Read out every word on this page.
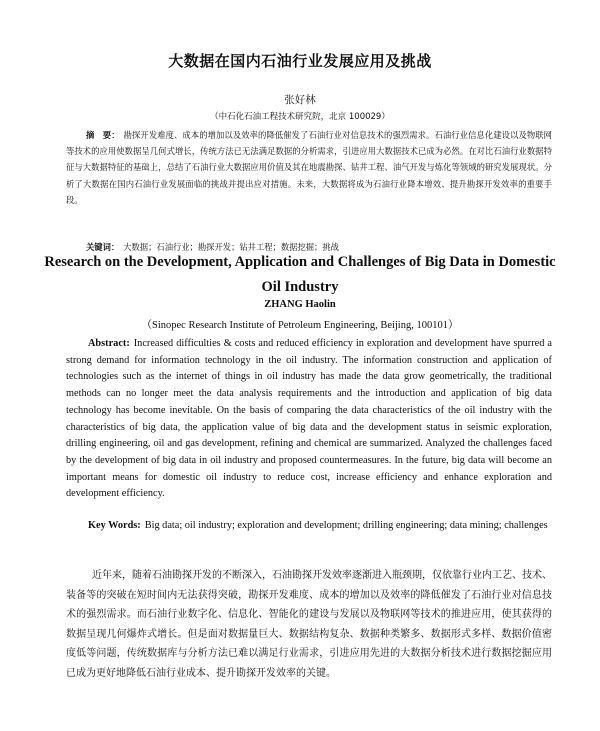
大数据在国内石油行业发展应用及挑战
张好林
（中石化石油工程技术研究院，北京 100029）
摘　要： 勘探开发难度、成本的增加以及效率的降低催发了石油行业对信息技术的强烈需求。石油行业信息化建设以及物联网等技术的应用使数据呈几何式增长，传统方法已无法满足数据的分析需求，引进应用大数据技术已成为必然。在对比石油行业数据特征与大数据特征的基础上，总结了石油行业大数据应用价值及其在地震勘探、钻井工程、油气开发与炼化等领域的研究发展现状。分析了大数据在国内石油行业发展面临的挑战并提出应对措施。未来，大数据将成为石油行业降本增效、提升勘探开发效率的重要手段。
关键词： 大数据；石油行业；勘探开发；钻井工程；数据挖掘；挑战
Research on the Development, Application and Challenges of Big Data in Domestic Oil Industry
ZHANG Haolin
（Sinopec Research Institute of Petroleum Engineering, Beijing, 100101）
Abstract: Increased difficulties & costs and reduced efficiency in exploration and development have spurred a strong demand for information technology in the oil industry. The information construction and application of technologies such as the internet of things in oil industry has made the data grow geometrically, the traditional methods can no longer meet the data analysis requirements and the introduction and application of big data technology has become inevitable. On the basis of comparing the data characteristics of the oil industry with the characteristics of big data, the application value of big data and the development status in seismic exploration, drilling engineering, oil and gas development, refining and chemical are summarized. Analyzed the challenges faced by the development of big data in oil industry and proposed countermeasures. In the future, big data will become an important means for domestic oil industry to reduce cost, increase efficiency and enhance exploration and development efficiency.
Key Words: Big data; oil industry; exploration and development; drilling engineering; data mining; challenges
近年来，随着石油勘探开发的不断深入，石油勘探开发效率逐渐进入瓶颈期，仅依靠行业内工艺、技术、装备等的突破在短时间内无法获得突破，勘探开发难度、成本的增加以及效率的降低催发了石油行业对信息技术的强烈需求。而石油行业数字化、信息化、智能化的建设与发展以及物联网等技术的推进应用，使其获得的数据呈现几何爆炸式增长。但是面对数据量巨大、数据结构复杂、数据种类繁多、数据形式多样、数据价值密度低等问题，传统数据库与分析方法已难以满足行业需求，引进应用先进的大数据分析技术进行数据挖掘应用已成为更好地降低石油行业成本、提升勘探开发效率的关键。
